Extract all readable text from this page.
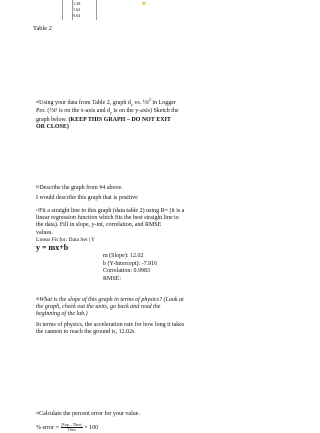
1.38
1.62
9.64
✶
Table 2
a)Using your data from Table 2, graph $d_y$ vs. $\frac{1}{2}t^2$ in Logger
Pro. (½t² is on the x-axis and $d_y$ is on the y-axis) Sketch the
graph below. (KEEP THIS GRAPH – DO NOT EXIT
OR CLOSE)
b)Describe the graph from #4 above.
I would describe this graph that is positive
c)Fit a straight line to this graph (data table 2) using R= (it is a
linear regression function which fits the best straight line to
the data). Fill in slope, y-int, correlation, and RMSE
values.
Linear Fit for: Data Set | Y
y = mx+b
m (Slope): 12.02
b (Y-Intercept): -7.916
Correlation: 0.9983
RMSE:
d)What is the slope of this graph in terms of physics? (Look at
the graph, check out the units, go back and read the
beginning of the lab.)
In terms of physics, the acceleration rate for how long it takes
the cannon to reach the ground is, 12.02s
e)Calculate the percent error for your value.
% error = $\frac{\text{|Exp – Theo|}}{\text{Theo}} \times 100$
